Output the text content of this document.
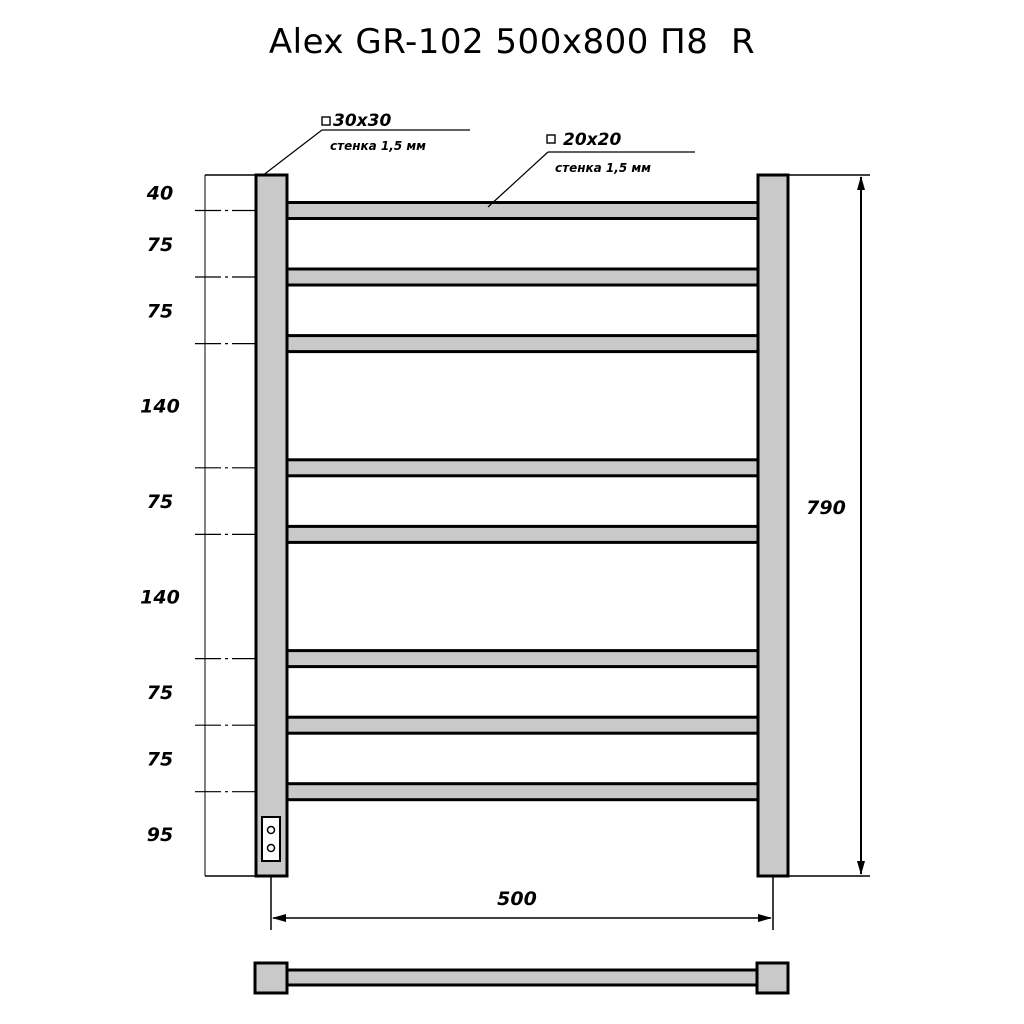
Alex GR-102 500x800 П8  R
40
75
75
140
75
140
75
75
95
790
500
30x30
стенка 1,5 мм	20x20
стенка 1,5 мм
